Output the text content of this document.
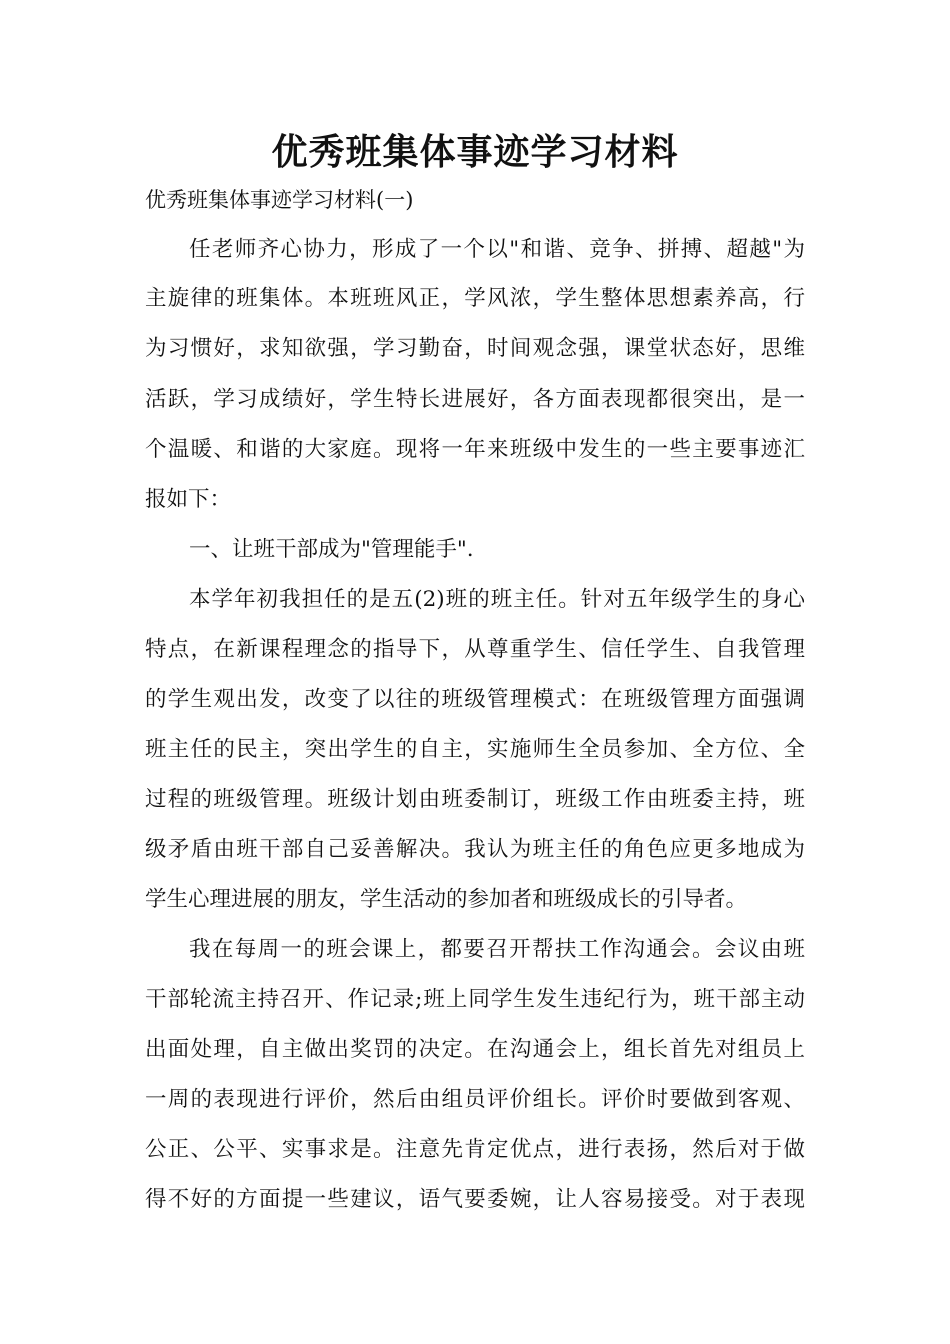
优秀班集体事迹学习材料
优秀班集体事迹学习材料(一)
任老师齐心协力，形成了一个以"和谐、竞争、拼搏、超越"为
主旋律的班集体。本班班风正，学风浓，学生整体思想素养高，行
为习惯好，求知欲强，学习勤奋，时间观念强，课堂状态好，思维
活跃，学习成绩好，学生特长进展好，各方面表现都很突出，是一
个温暖、和谐的大家庭。现将一年来班级中发生的一些主要事迹汇
报如下：
一、让班干部成为"管理能手".
本学年初我担任的是五(2)班的班主任。针对五年级学生的身心
特点，在新课程理念的指导下，从尊重学生、信任学生、自我管理
的学生观出发，改变了以往的班级管理模式：在班级管理方面强调
班主任的民主，突出学生的自主，实施师生全员参加、全方位、全
过程的班级管理。班级计划由班委制订，班级工作由班委主持，班
级矛盾由班干部自己妥善解决。我认为班主任的角色应更多地成为
学生心理进展的朋友，学生活动的参加者和班级成长的引导者。
我在每周一的班会课上，都要召开帮扶工作沟通会。会议由班
干部轮流主持召开、作记录;班上同学生发生违纪行为，班干部主动
出面处理，自主做出奖罚的决定。在沟通会上，组长首先对组员上
一周的表现进行评价，然后由组员评价组长。评价时要做到客观、
公正、公平、实事求是。注意先肯定优点，进行表扬，然后对于做
得不好的方面提一些建议，语气要委婉，让人容易接受。对于表现
